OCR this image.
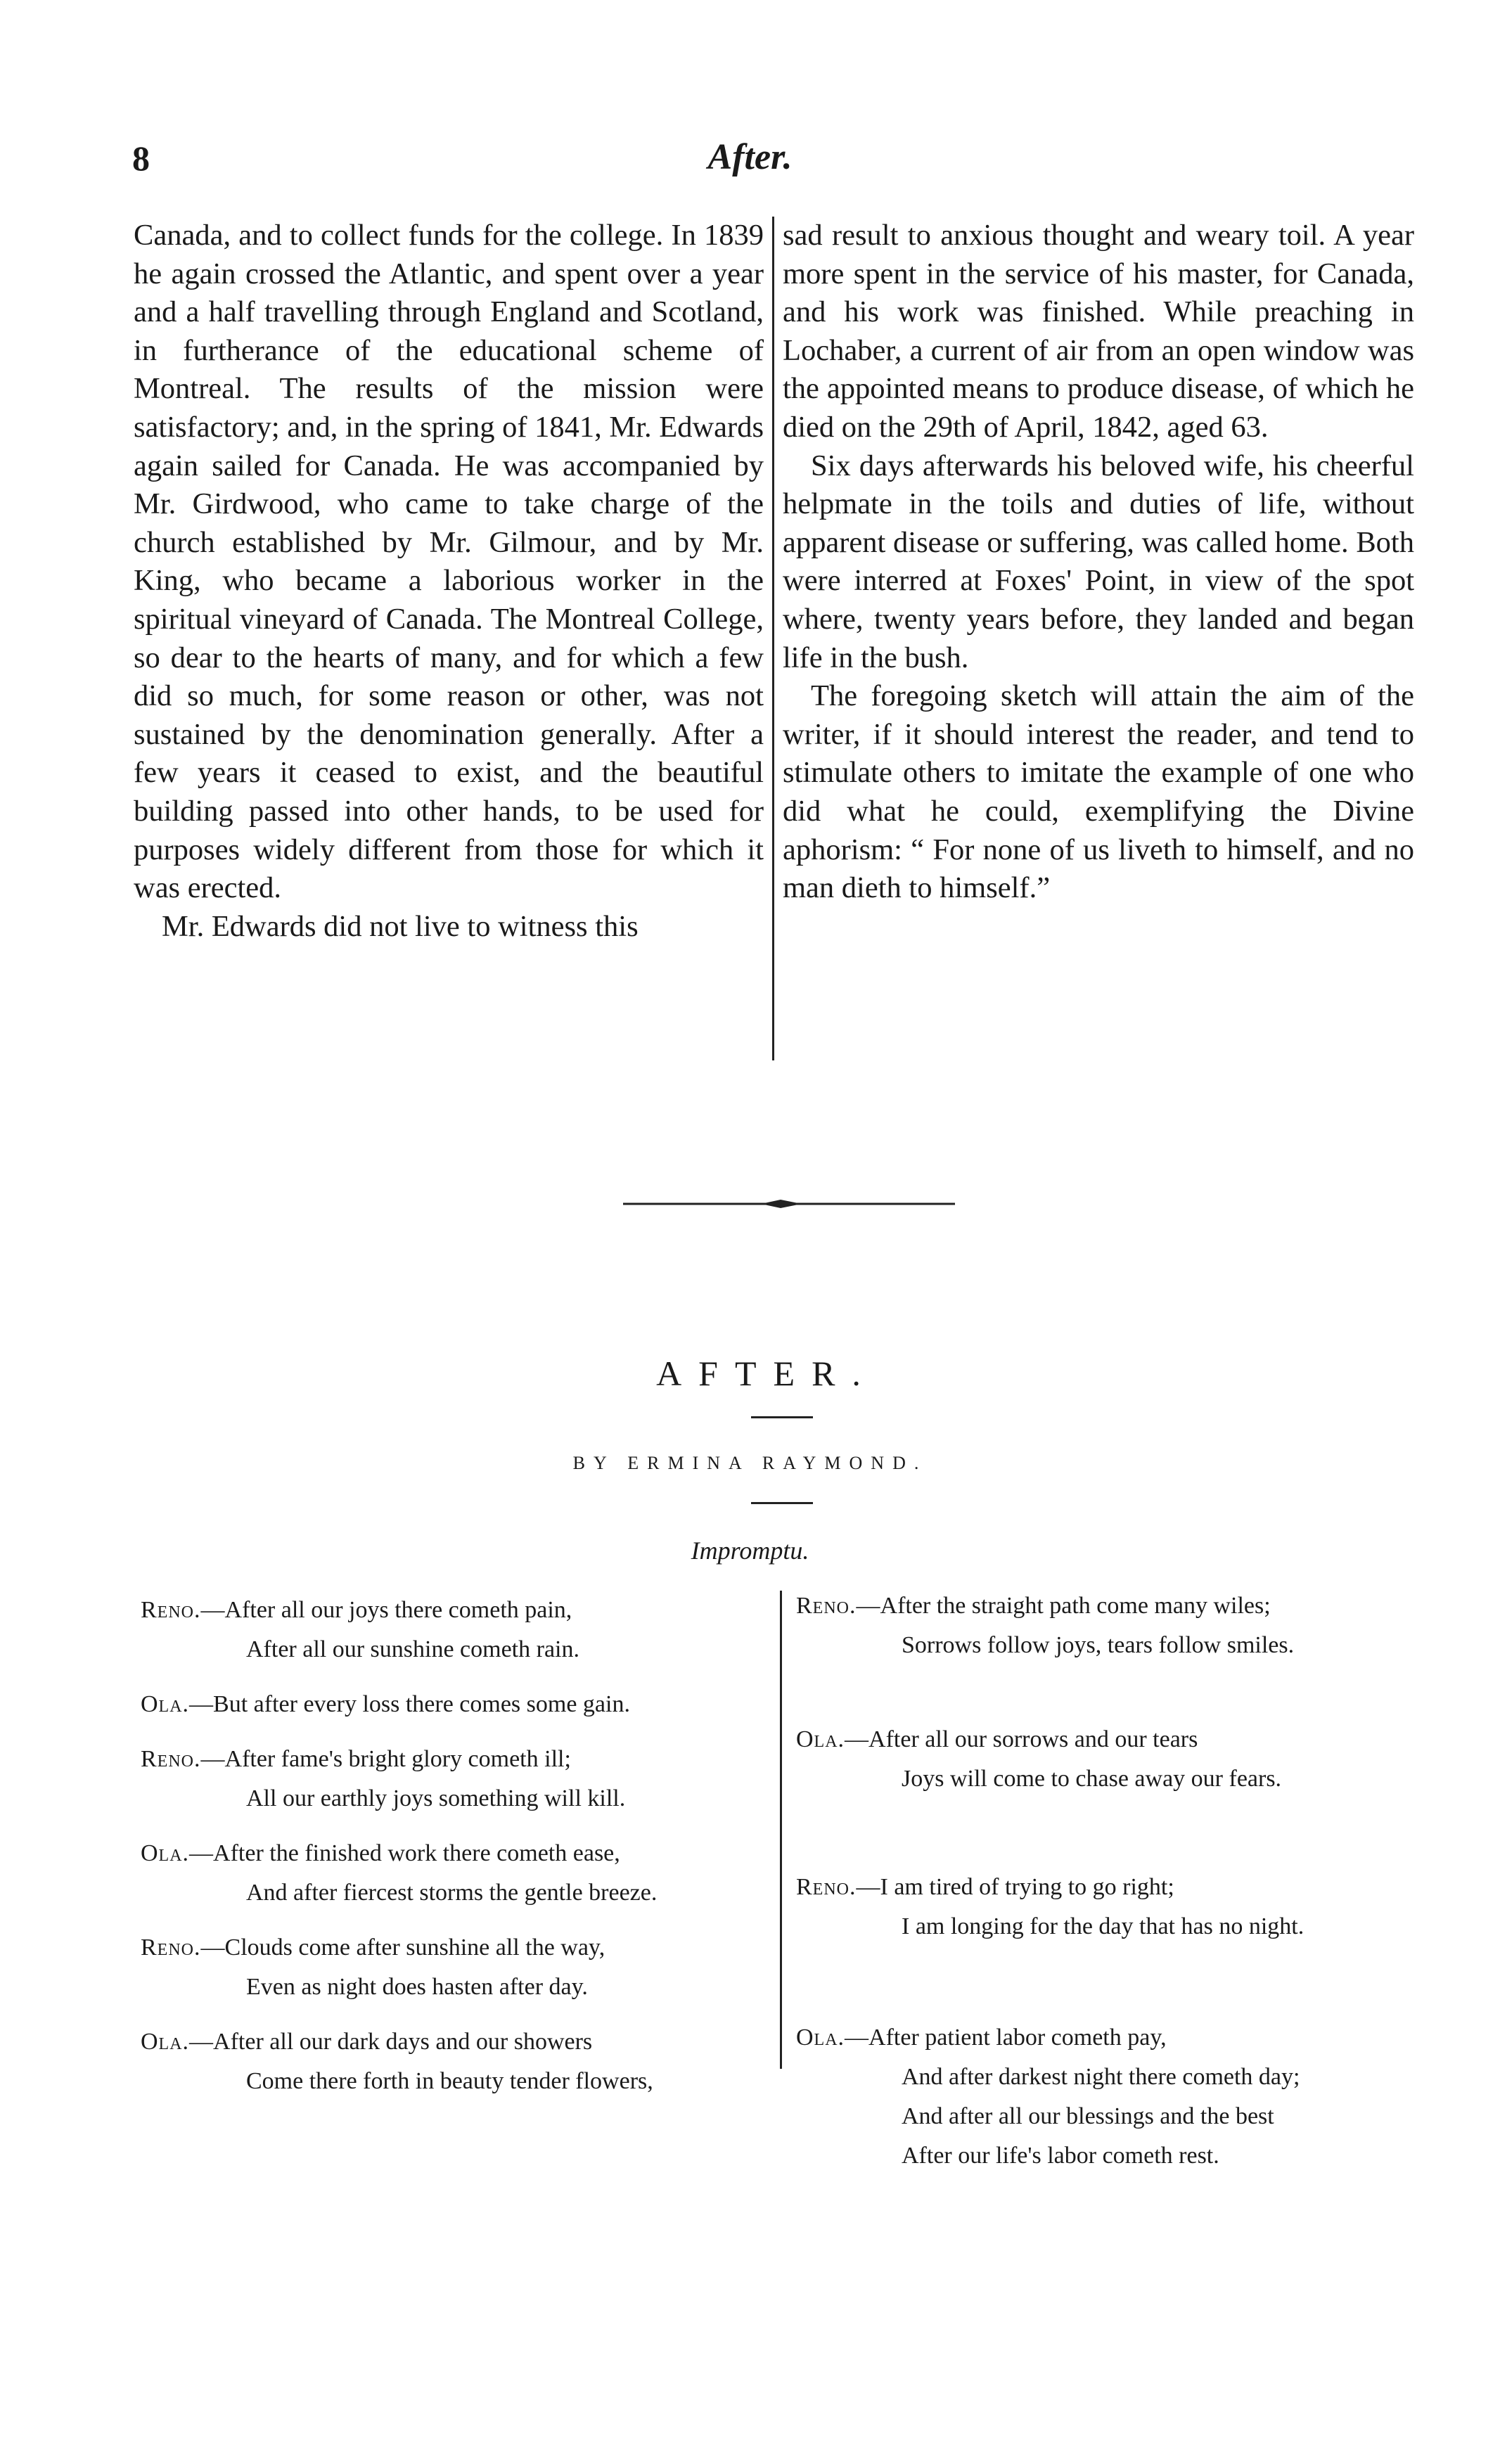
8	After.

Canada, and to collect funds for the college. In 1839 he again crossed the Atlantic, and spent over a year and a half travelling through England and Scotland, in furtherance of the educational scheme of Montreal. The results of the mission were satisfactory; and, in the spring of 1841, Mr. Edwards again sailed for Canada. He was accompanied by Mr. Girdwood, who came to take charge of the church established by Mr. Gilmour, and by Mr. King, who became a laborious worker in the spiritual vineyard of Canada. The Montreal College, so dear to the hearts of many, and for which a few did so much, for some reason or other, was not sustained by the denomination generally. After a few years it ceased to exist, and the beautiful building passed into other hands, to be used for purposes widely different from those for which it was erected.

Mr. Edwards did not live to witness this

sad result to anxious thought and weary toil. A year more spent in the service of his master, for Canada, and his work was finished. While preaching in Lochaber, a current of air from an open window was the appointed means to produce disease, of which he died on the 29th of April, 1842, aged 63.

Six days afterwards his beloved wife, his cheerful helpmate in the toils and duties of life, without apparent disease or suffering, was called home. Both were interred at Foxes' Point, in view of the spot where, twenty years before, they landed and began life in the bush.

The foregoing sketch will attain the aim of the writer, if it should interest the reader, and tend to stimulate others to imitate the example of one who did what he could, exemplifying the Divine aphorism: “ For none of us liveth to himself, and no man dieth to himself.”

AFTER.
BY ERMINA RAYMOND.
Impromptu.
Reno.—After all our joys there cometh pain,
After all our sunshine cometh rain.
Ola.—But after every loss there comes some gain.
Reno.—After fame's bright glory cometh ill;
All our earthly joys something will kill.
Ola.—After the finished work there cometh ease,
And after fiercest storms the gentle breeze.
Reno.—Clouds come after sunshine all the way,
Even as night does hasten after day.
Ola.—After all our dark days and our showers
Come there forth in beauty tender flowers,
Reno.—After the straight path come many wiles;
Sorrows follow joys, tears follow smiles.
Ola.—After all our sorrows and our tears
Joys will come to chase away our fears.
Reno.—I am tired of trying to go right;
I am longing for the day that has no night.
Ola.—After patient labor cometh pay,
And after darkest night there cometh day;
And after all our blessings and the best
After our life's labor cometh rest.
